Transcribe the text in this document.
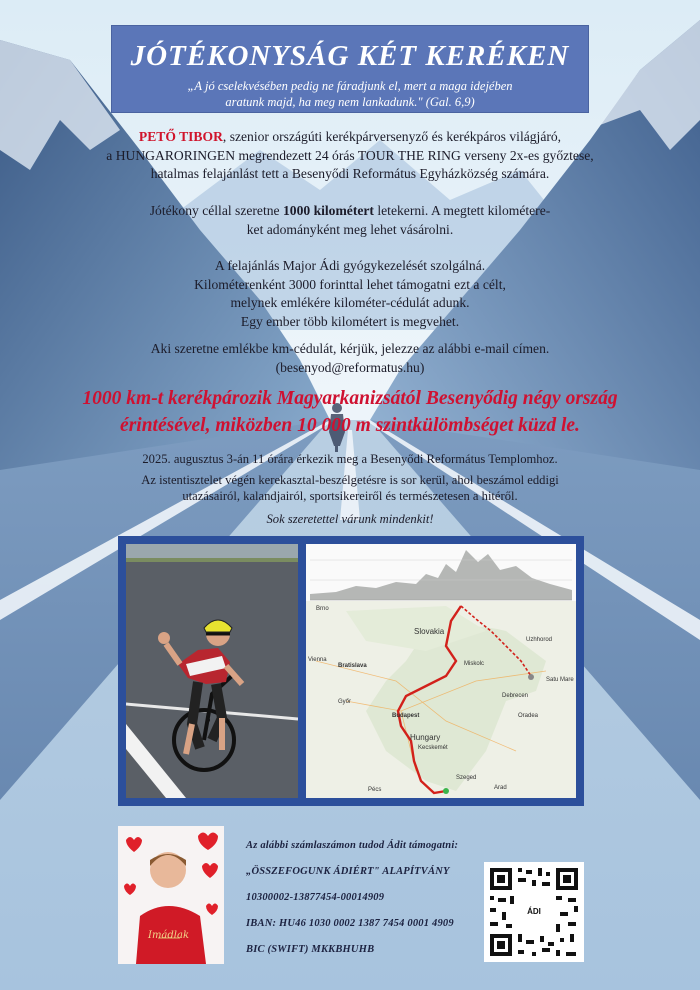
JÓTÉKONYSÁG KÉT KERÉKEN
„A jó cselekvésében pedig ne fáradjunk el, mert a maga idejében
aratunk majd, ha meg nem lankadunk." (Gal. 6,9)
PETŐ TIBOR, szenior országúti kerékpárversenyző és kerékpáros világjáró,
a HUNGARORINGEN megrendezett 24 órás TOUR THE RING verseny 2x-es győztese,
hatalmas felajánlást tett a Besenyődi Református Egyházközség számára.
Jótékony céllal szeretne 1000 kilométert letekerni. A megtett kilométere-
ket adományként meg lehet vásárolni.
A felajánlás Major Ádi gyógykezelését szolgálná.
Kilométerenként 3000 forinttal lehet támogatni ezt a célt,
melynek emlékére kilométer-cédulát adunk.
Egy ember több kilométert is megvehet.
Aki szeretne emlékbe km-cédulát, kérjük, jelezze az alábbi e-mail címen.
(besenyod@reformatus.hu)
1000 km-t kerékpározik Magyarkanizsától Besenyődig négy ország
érintésével, miközben 10 000 m szintkülömbséget küzd le.
2025. augusztus 3-án 11 órára érkezik meg a Besenyődi Református Templomhoz.
Az istentisztelet végén kerekasztal-beszélgetésre is sor kerül, ahol beszámol eddigi
utazásairól, kalandjairól, sportsikereiről és természetesen a hitéről.
Sok szeretettel várunk mindenkit!
Brno
Slovakia
Uzhhorod
Vienna
Bratislava	Miskolc
Satu Mare
Győr
Debrecen
Budapest	Oradea
Hungary
Kecskemét
Szeged
Pécs	Arad
Imádlak
Az alábbi számlaszámon tudod Ádit támogatni:
„ÖSSZEFOGUNK ÁDIÉRT" ALAPÍTVÁNY
10300002-13877454-00014909
IBAN: HU46 1030 0002 1387 7454 0001 4909
BIC (SWIFT) MKKBHUHB
ÁDI
